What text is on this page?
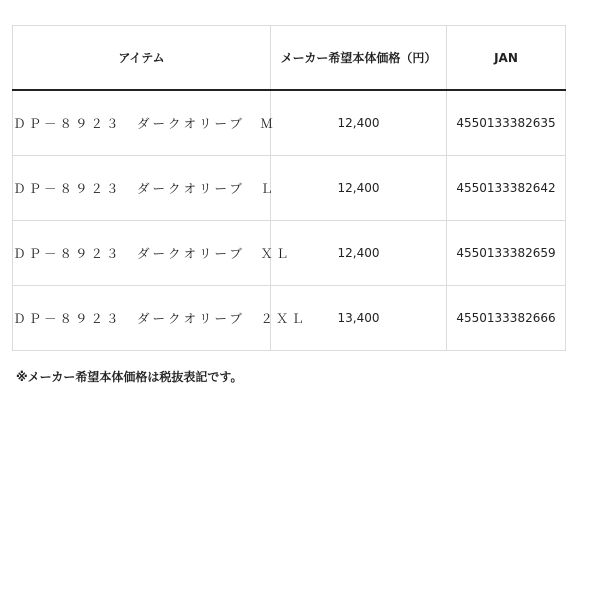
アイテム	メーカー希望本体価格（円）	JAN
ＤＰ－８９２３　ダークオリーブ　Ｍ	12,400	4550133382635
ＤＰ－８９２３　ダークオリーブ　Ｌ	12,400	4550133382642
ＤＰ－８９２３　ダークオリーブ　ＸＬ	12,400	4550133382659
ＤＰ－８９２３　ダークオリーブ　２ＸＬ	13,400	4550133382666
※メーカー希望本体価格は税抜表記です。
